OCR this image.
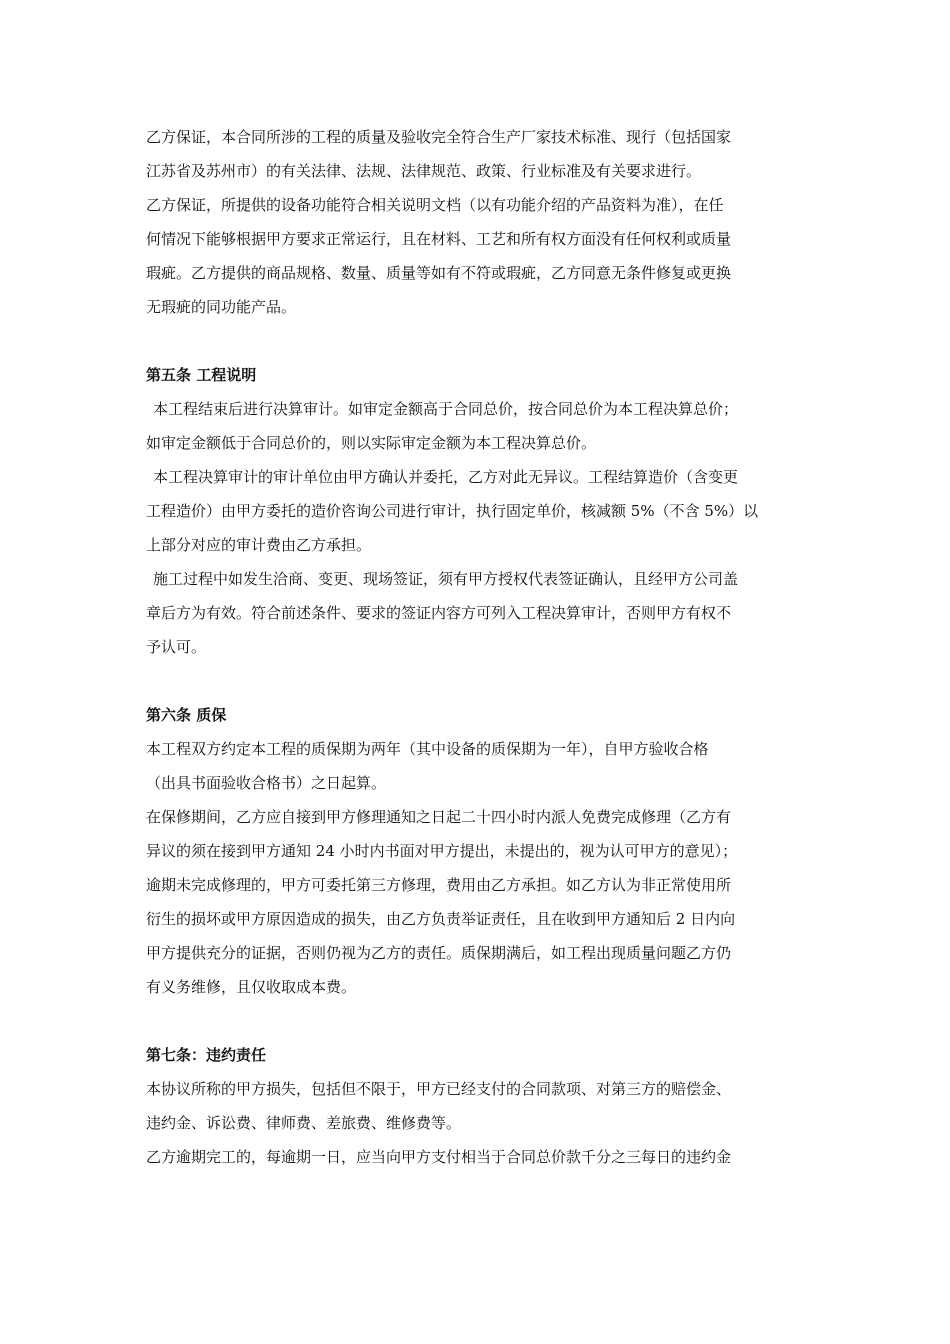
乙方保证，本合同所涉的工程的质量及验收完全符合生产厂家技术标准、现行（包括国家
江苏省及苏州市）的有关法律、法规、法律规范、政策、行业标准及有关要求进行。
乙方保证，所提供的设备功能符合相关说明文档（以有功能介绍的产品资料为准），在任
何情况下能够根据甲方要求正常运行，且在材料、工艺和所有权方面没有任何权利或质量
瑕疵。乙方提供的商品规格、数量、质量等如有不符或瑕疵，乙方同意无条件修复或更换
无瑕疵的同功能产品。
第五条 工程说明
本工程结束后进行决算审计。如审定金额高于合同总价，按合同总价为本工程决算总价；
如审定金额低于合同总价的，则以实际审定金额为本工程决算总价。
本工程决算审计的审计单位由甲方确认并委托，乙方对此无异议。工程结算造价（含变更
工程造价）由甲方委托的造价咨询公司进行审计，执行固定单价，核减额 5%（不含 5%）以
上部分对应的审计费由乙方承担。
施工过程中如发生洽商、变更、现场签证，须有甲方授权代表签证确认，且经甲方公司盖
章后方为有效。符合前述条件、要求的签证内容方可列入工程决算审计，否则甲方有权不
予认可。
第六条 质保
本工程双方约定本工程的质保期为两年（其中设备的质保期为一年），自甲方验收合格
（出具书面验收合格书）之日起算。
在保修期间，乙方应自接到甲方修理通知之日起二十四小时内派人免费完成修理（乙方有
异议的须在接到甲方通知 24 小时内书面对甲方提出，未提出的，视为认可甲方的意见）；
逾期未完成修理的，甲方可委托第三方修理，费用由乙方承担。如乙方认为非正常使用所
衍生的损坏或甲方原因造成的损失，由乙方负责举证责任，且在收到甲方通知后 2 日内向
甲方提供充分的证据，否则仍视为乙方的责任。质保期满后，如工程出现质量问题乙方仍
有义务维修，且仅收取成本费。
第七条：违约责任
本协议所称的甲方损失，包括但不限于，甲方已经支付的合同款项、对第三方的赔偿金、
违约金、诉讼费、律师费、差旅费、维修费等。
乙方逾期完工的，每逾期一日，应当向甲方支付相当于合同总价款千分之三每日的违约金
